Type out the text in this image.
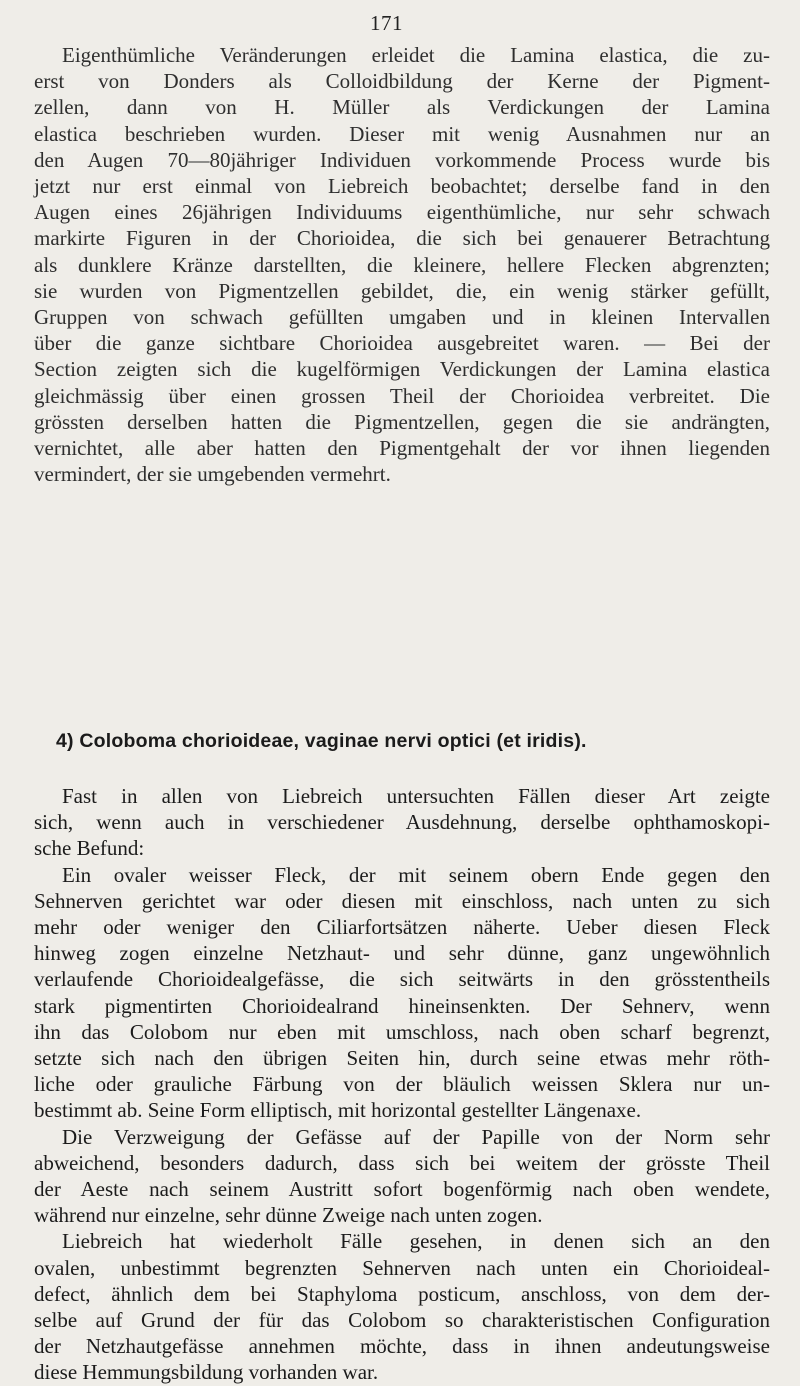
171

Eigenthümliche Veränderungen erleidet die Lamina elastica, die zu-
erst von Donders als Colloidbildung der Kerne der Pigment-
zellen, dann von H. Müller als Verdickungen der Lamina
elastica beschrieben wurden. Dieser mit wenig Ausnahmen nur an
den Augen 70—80jähriger Individuen vorkommende Process wurde bis
jetzt nur erst einmal von Liebreich beobachtet; derselbe fand in den
Augen eines 26jährigen Individuums eigenthümliche, nur sehr schwach
markirte Figuren in der Chorioidea, die sich bei genauerer Betrachtung
als dunklere Kränze darstellten, die kleinere, hellere Flecken abgrenzten;
sie wurden von Pigmentzellen gebildet, die, ein wenig stärker gefüllt,
Gruppen von schwach gefüllten umgaben und in kleinen Intervallen
über die ganze sichtbare Chorioidea ausgebreitet waren. — Bei der
Section zeigten sich die kugelförmigen Verdickungen der Lamina elastica
gleichmässig über einen grossen Theil der Chorioidea verbreitet. Die
grössten derselben hatten die Pigmentzellen, gegen die sie andrängten,
vernichtet, alle aber hatten den Pigmentgehalt der vor ihnen liegenden
vermindert, der sie umgebenden vermehrt.

4) Coloboma chorioideae, vaginae nervi optici (et iridis).

Fast in allen von Liebreich untersuchten Fällen dieser Art zeigte
sich, wenn auch in verschiedener Ausdehnung, derselbe ophthamoskopi-
sche Befund:

Ein ovaler weisser Fleck, der mit seinem obern Ende gegen den
Sehnerven gerichtet war oder diesen mit einschloss, nach unten zu sich
mehr oder weniger den Ciliarfortsätzen näherte. Ueber diesen Fleck
hinweg zogen einzelne Netzhaut- und sehr dünne, ganz ungewöhnlich
verlaufende Chorioidealgefässe, die sich seitwärts in den grösstentheils
stark pigmentirten Chorioidealrand hineinsenkten. Der Sehnerv, wenn
ihn das Colobom nur eben mit umschloss, nach oben scharf begrenzt,
setzte sich nach den übrigen Seiten hin, durch seine etwas mehr röth-
liche oder grauliche Färbung von der bläulich weissen Sklera nur un-
bestimmt ab. Seine Form elliptisch, mit horizontal gestellter Längenaxe.

Die Verzweigung der Gefässe auf der Papille von der Norm sehr
abweichend, besonders dadurch, dass sich bei weitem der grösste Theil
der Aeste nach seinem Austritt sofort bogenförmig nach oben wendete,
während nur einzelne, sehr dünne Zweige nach unten zogen.

Liebreich hat wiederholt Fälle gesehen, in denen sich an den
ovalen, unbestimmt begrenzten Sehnerven nach unten ein Chorioideal-
defect, ähnlich dem bei Staphyloma posticum, anschloss, von dem der-
selbe auf Grund der für das Colobom so charakteristischen Configuration
der Netzhautgefässe annehmen möchte, dass in ihnen andeutungsweise
diese Hemmungsbildung vorhanden war.
